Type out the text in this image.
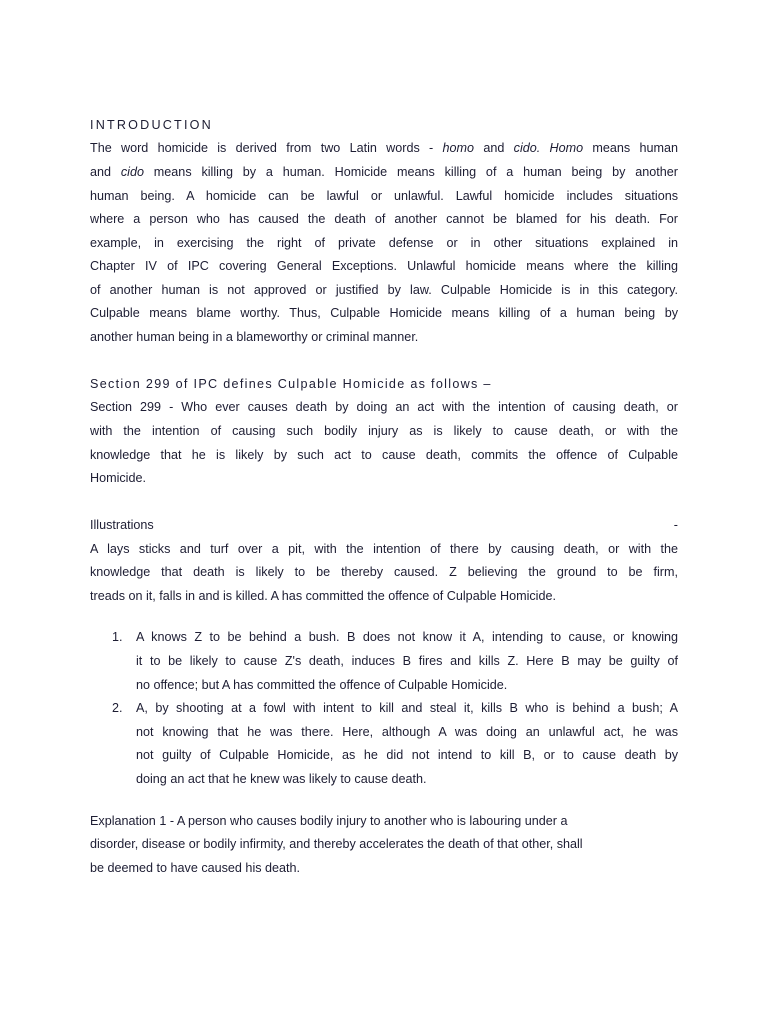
INTRODUCTION
The word homicide is derived from two Latin words - homo and cido. Homo means human
and cido means killing by a human. Homicide means killing of a human being by another
human being. A homicide can be lawful or unlawful. Lawful homicide includes situations
where a person who has caused the death of another cannot be blamed for his death. For
example, in exercising the right of private defense or in other situations explained in
Chapter IV of IPC covering General Exceptions. Unlawful homicide means where the killing
of another human is not approved or justified by law. Culpable Homicide is in this category.
Culpable means blame worthy. Thus, Culpable Homicide means killing of a human being by
another human being in a blameworthy or criminal manner.
Section 299 of IPC defines Culpable Homicide as follows –
Section 299 - Who ever causes death by doing an act with the intention of causing death, or
with the intention of causing such bodily injury as is likely to cause death, or with the
knowledge that he is likely by such act to cause death, commits the offence of Culpable
Homicide.
Illustrations	-
A lays sticks and turf over a pit, with the intention of there by causing death, or with the
knowledge that death is likely to be thereby caused. Z believing the ground to be firm,
treads on it, falls in and is killed. A has committed the offence of Culpable Homicide.
1.	A knows Z to be behind a bush. B does not know it A, intending to cause, or knowing
it to be likely to cause Z's death, induces B fires and kills Z. Here B may be guilty of
no offence; but A has committed the offence of Culpable Homicide.
2.	A, by shooting at a fowl with intent to kill and steal it, kills B who is behind a bush; A
not knowing that he was there. Here, although A was doing an unlawful act, he was
not guilty of Culpable Homicide, as he did not intend to kill B, or to cause death by
doing an act that he knew was likely to cause death.
Explanation 1 - A person who causes bodily injury to another who is labouring under a
disorder, disease or bodily infirmity, and thereby accelerates the death of that other, shall
be deemed to have caused his death.
